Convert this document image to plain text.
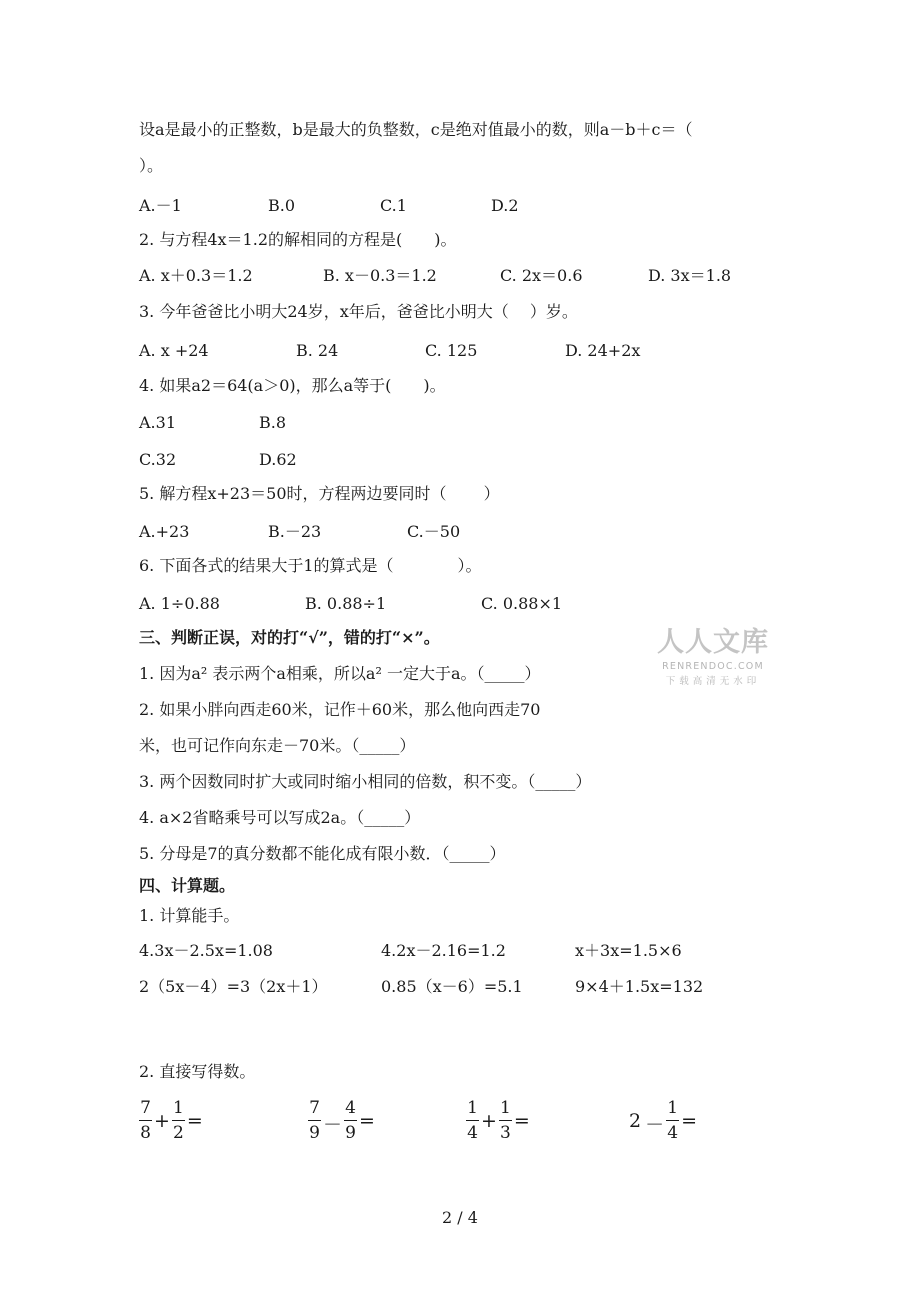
设a是最小的正整数，b是最大的负整数，c是绝对值最小的数，则a－b＋c＝（
）。
A.－1	B.0	C.1	D.2
2. 与方程4x＝1.2的解相同的方程是(　　)。
A. x＋0.3＝1.2	B. x－0.3＝1.2	C. 2x＝0.6	D. 3x＝1.8
3. 今年爸爸比小明大24岁，x年后，爸爸比小明大（　 ）岁。
A. x +24	B. 24	C. 125	D. 24+2x
4. 如果a2＝64(a＞0)，那么a等于(　　)。
A.31	B.8
C.32	D.62
5. 解方程x+23＝50时，方程两边要同时（　　 ）
A.+23	B.－23	C.－50
6. 下面各式的结果大于1的算式是（　　　　）。
A. 1÷0.88	B. 0.88÷1	C. 0.88×1
三、判断正误，对的打“√”，错的打“×”。
1. 因为a² 表示两个a相乘，所以a² 一定大于a。（_____）
2. 如果小胖向西走60米，记作＋60米，那么他向西走70
米，也可记作向东走－70米。（_____）
3. 两个因数同时扩大或同时缩小相同的倍数，积不变。（_____）
4. a×2省略乘号可以写成2a。（_____）
5. 分母是7的真分数都不能化成有限小数．（_____）
人人文库
RENRENDOC.COM
下载高清无水印
四、计算题。
1. 计算能手。
4.3x－2.5x=1.08	4.2x－2.16=1.2	x＋3x=1.5×6
2（5x－4）=3（2x＋1）	0.85（x－6）=5.1	9×4＋1.5x=132
2. 直接写得数。
$\frac{7}{8} + \frac{1}{2}$ =	$\frac{7}{9} - \frac{4}{9}$ =	$\frac{1}{4} + \frac{1}{3}$ =	$2 - \frac{1}{4}$ =
2 / 4
